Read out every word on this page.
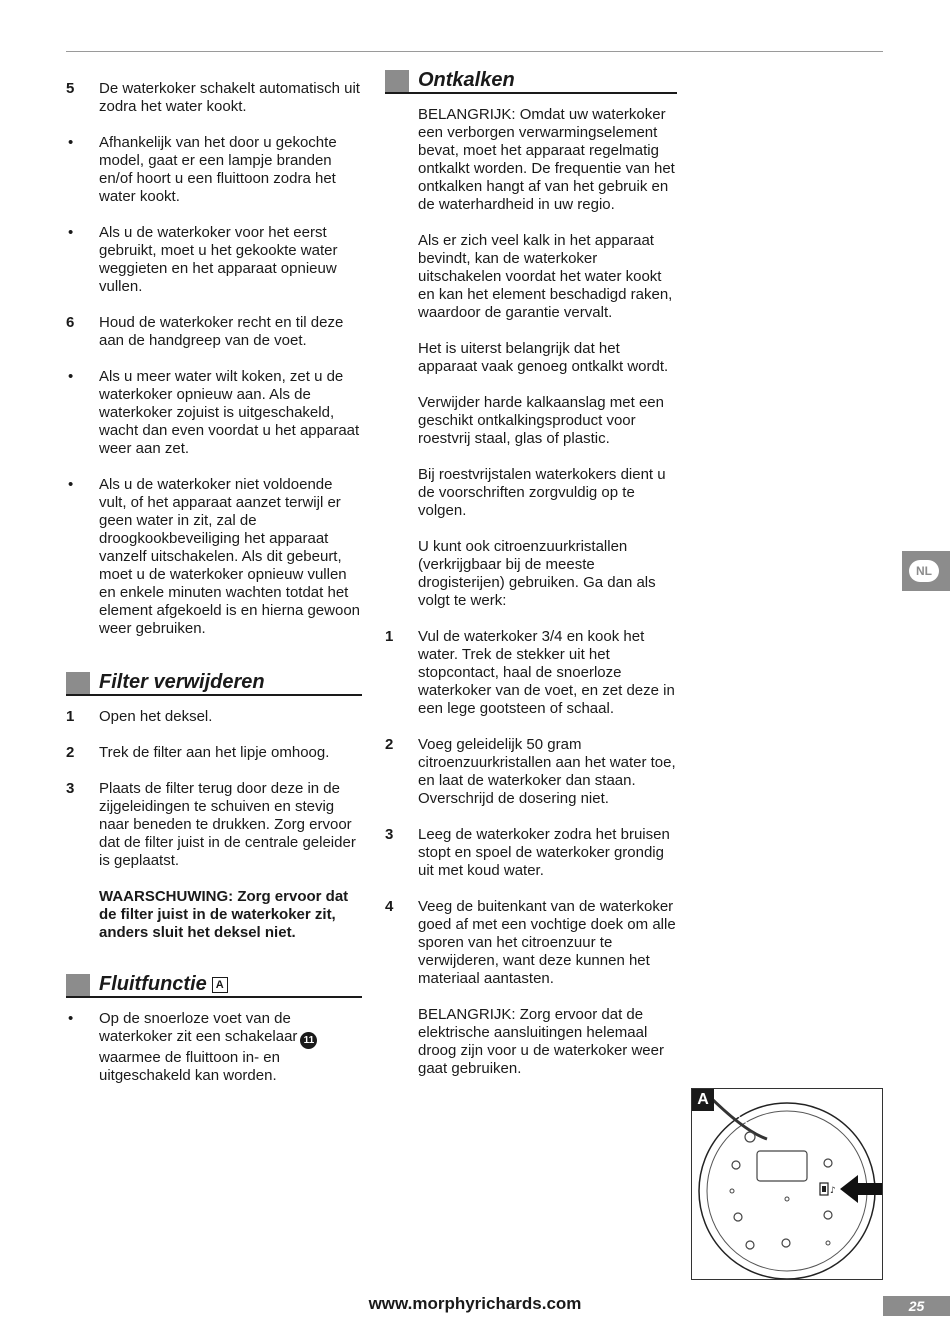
5 De waterkoker schakelt automatisch uit zodra het water kookt.

• Afhankelijk van het door u gekochte model, gaat er een lampje branden en/of hoort u een fluittoon zodra het water kookt.

• Als u de waterkoker voor het eerst gebruikt, moet u het gekookte water weggieten en het apparaat opnieuw vullen.

6 Houd de waterkoker recht en til deze aan de handgreep van de voet.

• Als u meer water wilt koken, zet u de waterkoker opnieuw aan. Als de waterkoker zojuist is uitgeschakeld, wacht dan even voordat u het apparaat weer aan zet.

• Als u de waterkoker niet voldoende vult, of het apparaat aanzet terwijl er geen water in zit, zal de droogkookbeveiliging het apparaat vanzelf uitschakelen. Als dit gebeurt, moet u de waterkoker opnieuw vullen en enkele minuten wachten totdat het element afgekoeld is en hierna gewoon weer gebruiken.

Filter verwijderen
1 Open het deksel.

2 Trek de filter aan het lipje omhoog.

3 Plaats de filter terug door deze in de zijgeleidingen te schuiven en stevig naar beneden te drukken. Zorg ervoor dat de filter juist in de centrale geleider is geplaatst.

WAARSCHUWING: Zorg ervoor dat de filter juist in de waterkoker zit, anders sluit het deksel niet.
Fluitfunctie A
• Op de snoerloze voet van de waterkoker zit een schakelaar 11 waarmee de fluittoon in- en uitgeschakeld kan worden.

Ontkalken
BELANGRIJK: Omdat uw waterkoker een verborgen verwarmingselement bevat, moet het apparaat regelmatig ontkalkt worden. De frequentie van het ontkalken hangt af van het gebruik en de waterhardheid in uw regio.
Als er zich veel kalk in het apparaat bevindt, kan de waterkoker uitschakelen voordat het water kookt en kan het element beschadigd raken, waardoor de garantie vervalt.
Het is uiterst belangrijk dat het apparaat vaak genoeg ontkalkt wordt.
Verwijder harde kalkaanslag met een geschikt ontkalkingsproduct voor roestvrij staal, glas of plastic.
Bij roestvrijstalen waterkokers dient u de voorschriften zorgvuldig op te volgen.
U kunt ook citroenzuurkristallen (verkrijgbaar bij de meeste drogisterijen) gebruiken. Ga dan als volgt te werk:
1 Vul de waterkoker 3/4 en kook het water. Trek de stekker uit het stopcontact, haal de snoerloze waterkoker van de voet, en zet deze in een lege gootsteen of schaal.

2 Voeg geleidelijk 50 gram citroenzuurkristallen aan het water toe, en laat de waterkoker dan staan. Overschrijd de dosering niet.

3 Leeg de waterkoker zodra het bruisen stopt en spoel de waterkoker grondig uit met koud water.

4 Veeg de buitenkant van de waterkoker goed af met een vochtige doek om alle sporen van het citroenzuur te verwijderen, want deze kunnen het materiaal aantasten.

BELANGRIJK: Zorg ervoor dat de elektrische aansluitingen helemaal droog zijn voor u de waterkoker weer gaat gebruiken.

NL
♪
A
www.morphyrichards.com	25
